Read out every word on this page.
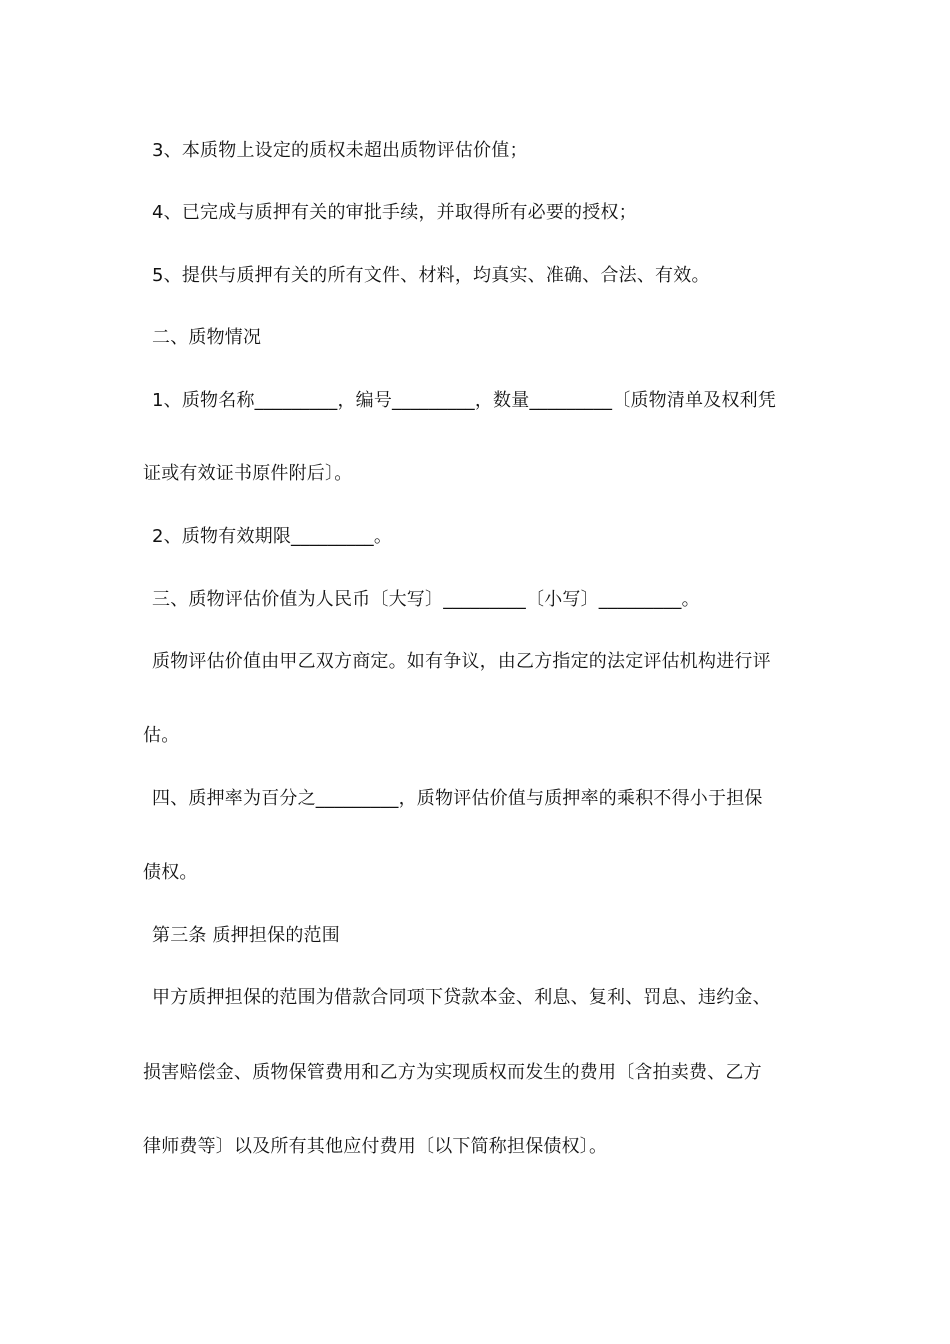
3、本质物上设定的质权未超出质物评估价值；
4、已完成与质押有关的审批手续，并取得所有必要的授权；
5、提供与质押有关的所有文件、材料，均真实、准确、合法、有效。
二、质物情况
1、质物名称_________，编号_________，数量_________〔质物清单及权利凭
证或有效证书原件附后〕。
2、质物有效期限_________。
三、质物评估价值为人民币〔大写〕_________〔小写〕_________。
质物评估价值由甲乙双方商定。如有争议，由乙方指定的法定评估机构进行评
估。
四、质押率为百分之_________，质物评估价值与质押率的乘积不得小于担保
债权。
第三条 质押担保的范围
甲方质押担保的范围为借款合同项下贷款本金、利息、复利、罚息、违约金、
损害赔偿金、质物保管费用和乙方为实现质权而发生的费用〔含拍卖费、乙方
律师费等〕以及所有其他应付费用〔以下简称担保债权〕。
